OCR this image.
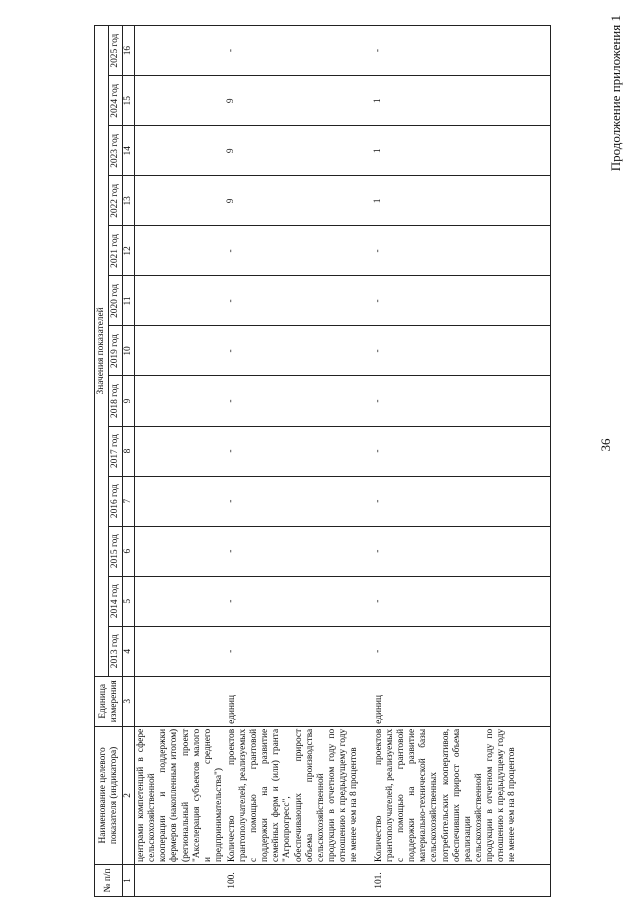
36
Продолжение приложения 1
№ п/п	Наименование целевого показателя (индикатора)	Единица измерения	Значения показателей												
			2013 год	2014 год	2015 год	2016 год	2017 год	2018 год	2019 год	2020 год	2021 год	2022 год	2023 год	2024 год	2025 год
1	2	3	4	5	6	7	8	9	10	11	12	13	14	15	16
	центрами компетенций в сфере сельскохозяйственной кооперации и поддержки фермеров (накопленным итогом) (региональный проект "Акселерация субъектов малого и среднего предпринимательства")														
100.	Количество проектов грантополучателей, реализуемых с помощью грантовой поддержки на развитие семейных ферм и (или) гранта "Агропрогресс", обеспечивающих прирост объема производства сельскохозяйственной продукции в отчетном году по отношению к предыдущему году не менее чем на 8 процентов	единиц	-	-	-	-	-	-	-	-	-	9	9	9	-
101.	Количество проектов грантополучателей, реализуемых с помощью грантовой поддержки на развитие материально-технической базы сельскохозяйственных потребительских кооперативов, обеспечивших прирост объема реализации сельскохозяйственной продукции в отчетном году по отношению к предыдущему году не менее чем на 8 процентов	единиц	-	-	-	-	-	-	-	-	-	1	1	1	-
